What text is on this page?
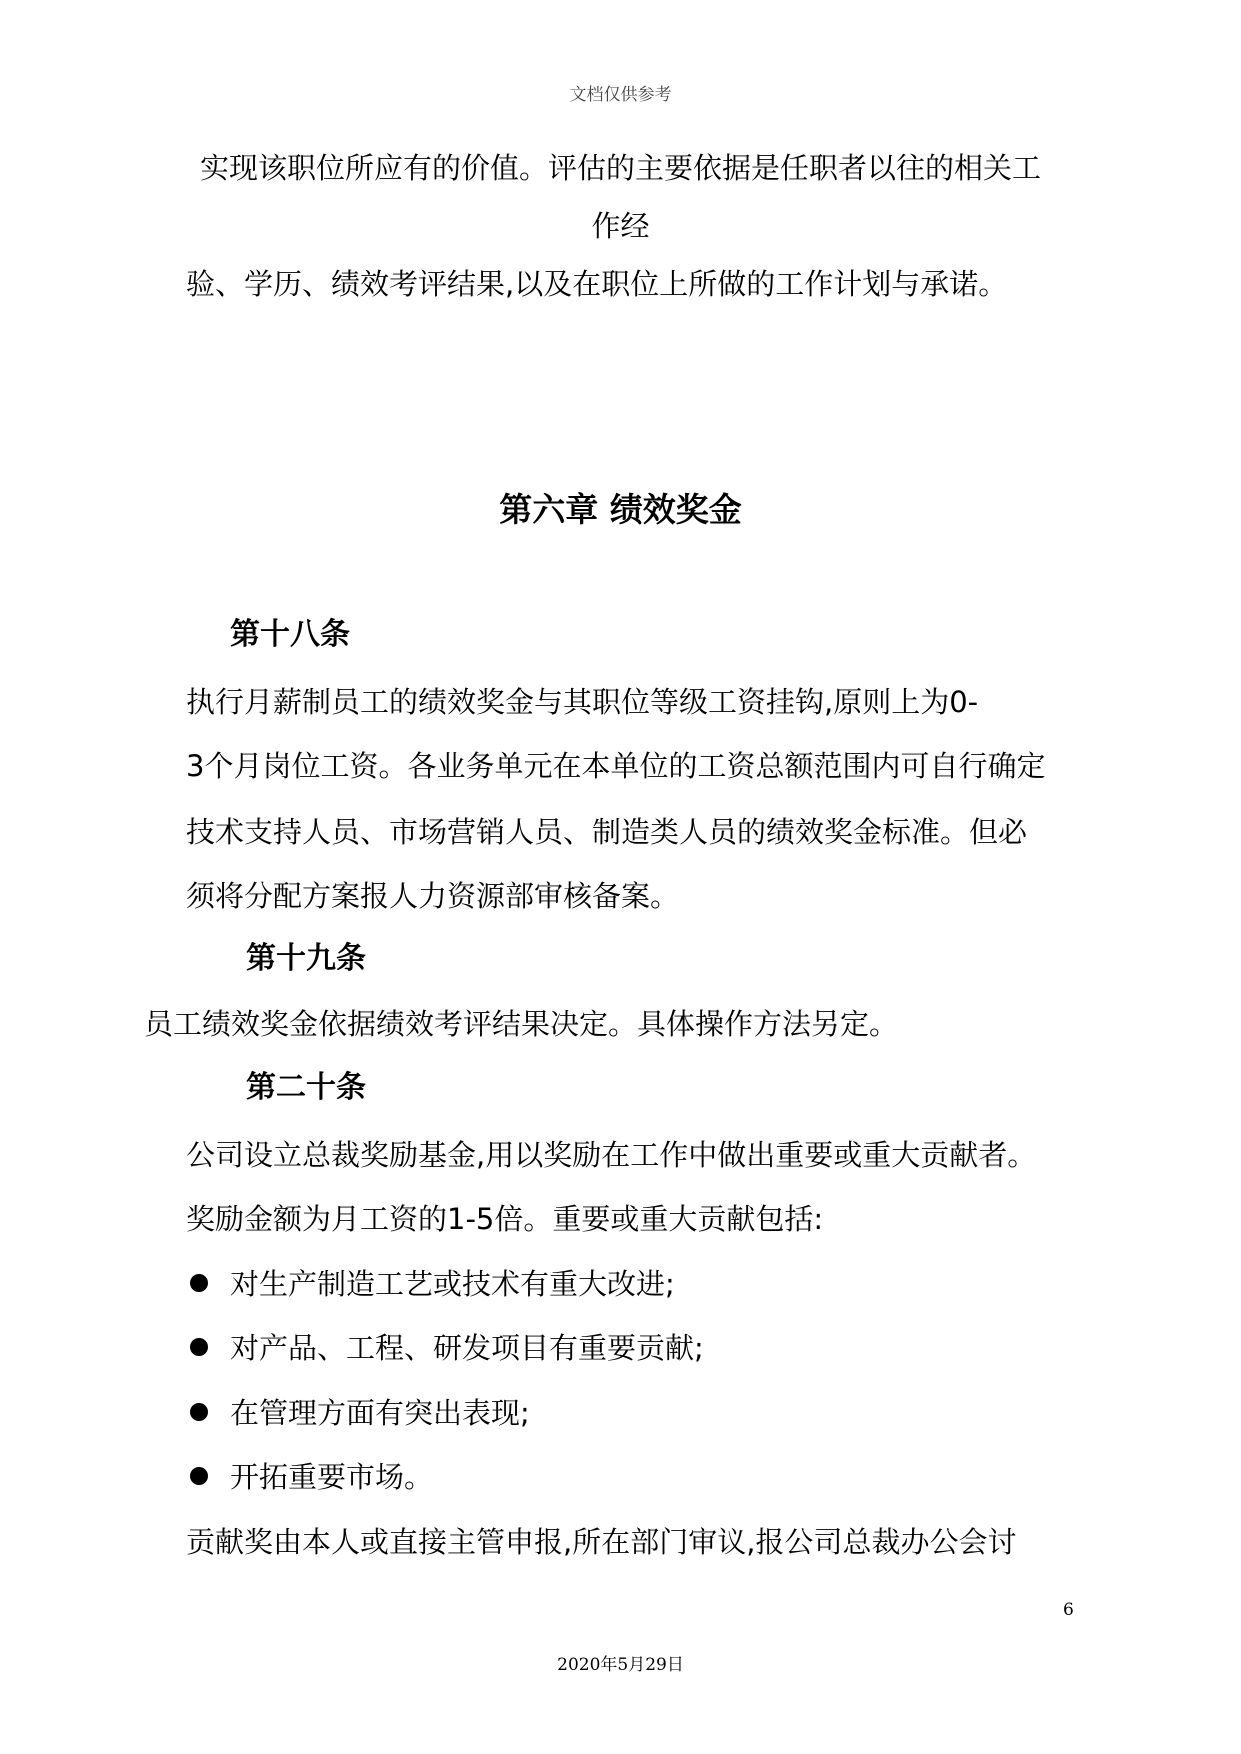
文档仅供参考
实现该职位所应有的价值。评估的主要依据是任职者以往的相关工
作经
验、学历、绩效考评结果,以及在职位上所做的工作计划与承诺。
第六章 绩效奖金
第十八条
执行月薪制员工的绩效奖金与其职位等级工资挂钩,原则上为0-
3个月岗位工资。各业务单元在本单位的工资总额范围内可自行确定
技术支持人员、市场营销人员、制造类人员的绩效奖金标准。但必
须将分配方案报人力资源部审核备案。
第十九条
员工绩效奖金依据绩效考评结果决定。具体操作方法另定。
第二十条
公司设立总裁奖励基金,用以奖励在工作中做出重要或重大贡献者。
奖励金额为月工资的1-5倍。重要或重大贡献包括:
对生产制造工艺或技术有重大改进;
对产品、工程、研发项目有重要贡献;
在管理方面有突出表现;
开拓重要市场。
贡献奖由本人或直接主管申报,所在部门审议,报公司总裁办公会讨
6
2020年5月29日
